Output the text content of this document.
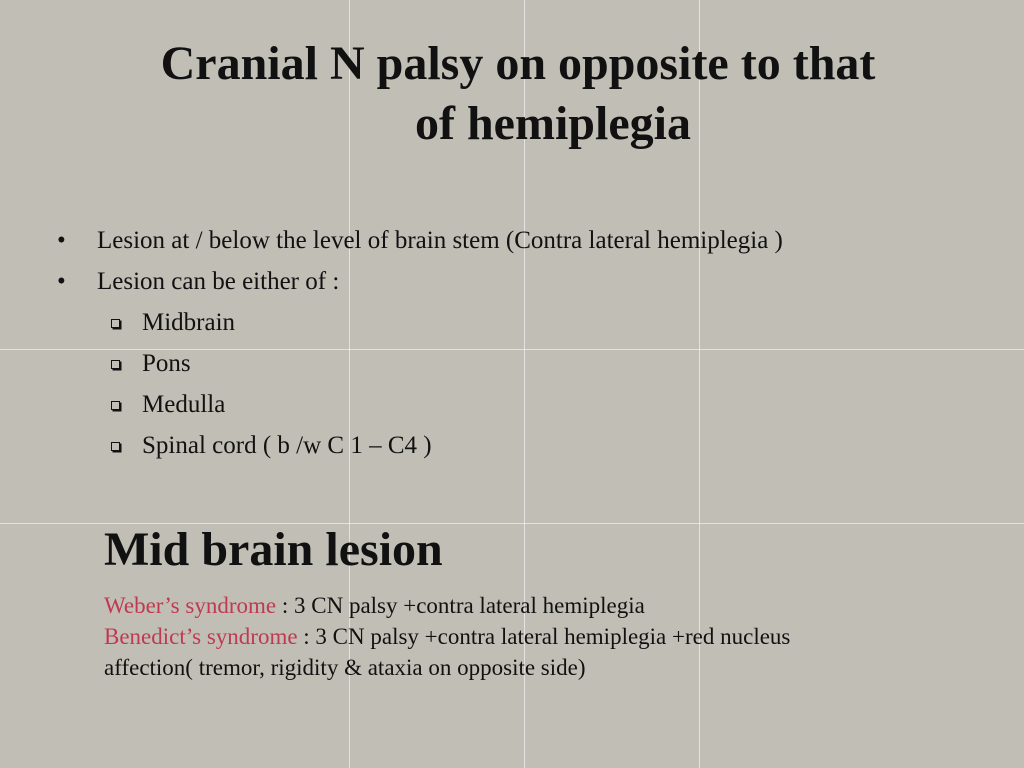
Cranial N palsy on opposite to that
of hemiplegia
• Lesion at / below the level of brain stem (Contra lateral hemiplegia )
• Lesion can be either of :
Midbrain
Pons
Medulla
Spinal cord ( b /w C 1 – C4 )
Mid brain lesion
Weber’s syndrome : 3 CN palsy +contra lateral hemiplegia
Benedict’s syndrome : 3 CN palsy +contra lateral hemiplegia +red nucleus
affection( tremor, rigidity & ataxia on opposite side)
